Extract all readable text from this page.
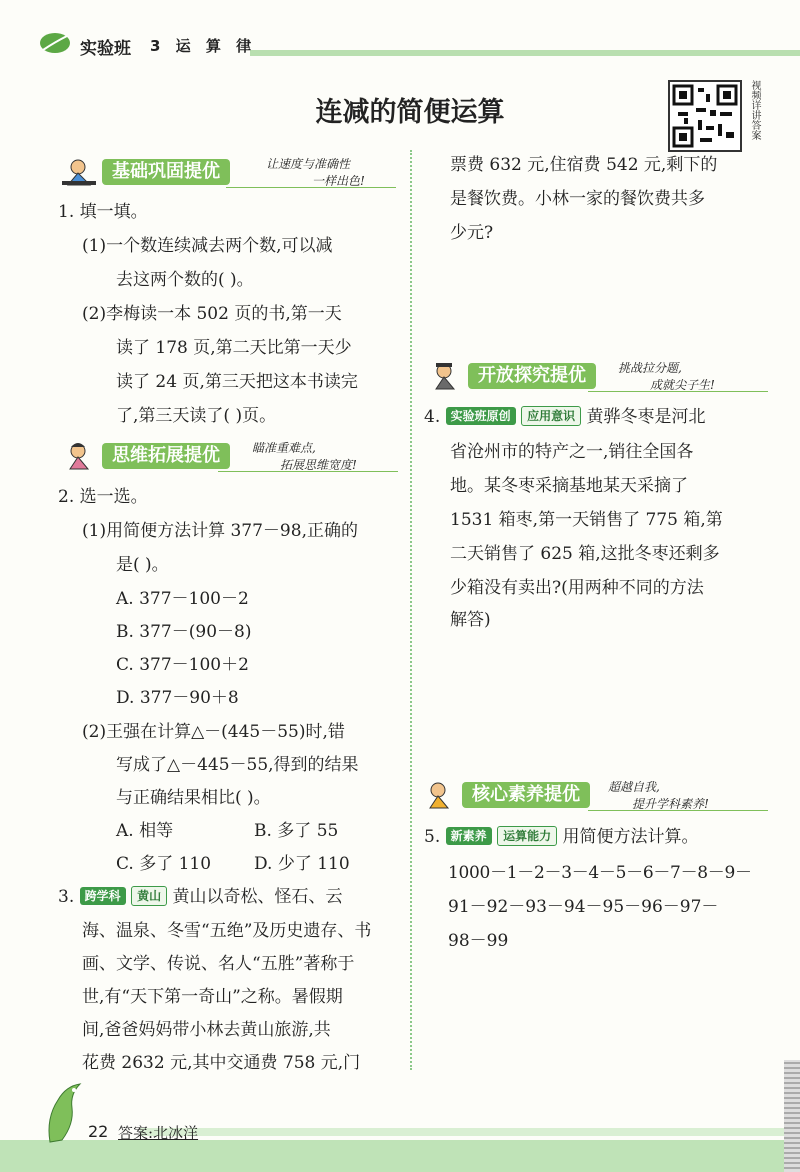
实验班 3 运 算 律
连减的简便运算	视频详讲答案
基础巩固提优	让速度与准确性
一样出色!
1. 填一填。
(1)一个数连续减去两个数,可以减
去这两个数的( )。
(2)李梅读一本 502 页的书,第一天
读了 178 页,第二天比第一天少
读了 24 页,第三天把这本书读完
了,第三天读了( )页。
思维拓展提优	瞄准重难点,
拓展思维宽度!
2. 选一选。
(1)用简便方法计算 377－98,正确的
是( )。
A. 377－100－2
B. 377－(90－8)
C. 377－100＋2
D. 377－90＋8
(2)王强在计算△－(445－55)时,错
写成了△－445－55,得到的结果
与正确结果相比( )。
A. 相等	B. 多了 55
C. 多了 110	D. 少了 110
3. 跨学科 黄山 黄山以奇松、怪石、云
海、温泉、冬雪“五绝”及历史遗存、书
画、文学、传说、名人“五胜”著称于
世,有“天下第一奇山”之称。暑假期
间,爸爸妈妈带小林去黄山旅游,共
花费 2632 元,其中交通费 758 元,门
票费 632 元,住宿费 542 元,剩下的
是餐饮费。小林一家的餐饮费共多
少元?
开放探究提优	挑战拉分题,
成就尖子生!
4. 实验班原创 应用意识 黄骅冬枣是河北
省沧州市的特产之一,销往全国各
地。某冬枣采摘基地某天采摘了
1531 箱枣,第一天销售了 775 箱,第
二天销售了 625 箱,这批冬枣还剩多
少箱没有卖出?(用两种不同的方法
解答)
核心素养提优	超越自我,
提升学科素养!
5. 新素养 运算能力 用简便方法计算。
1000－1－2－3－4－5－6－7－8－9－
91－92－93－94－95－96－97－
98－99
22 答案:北冰洋
